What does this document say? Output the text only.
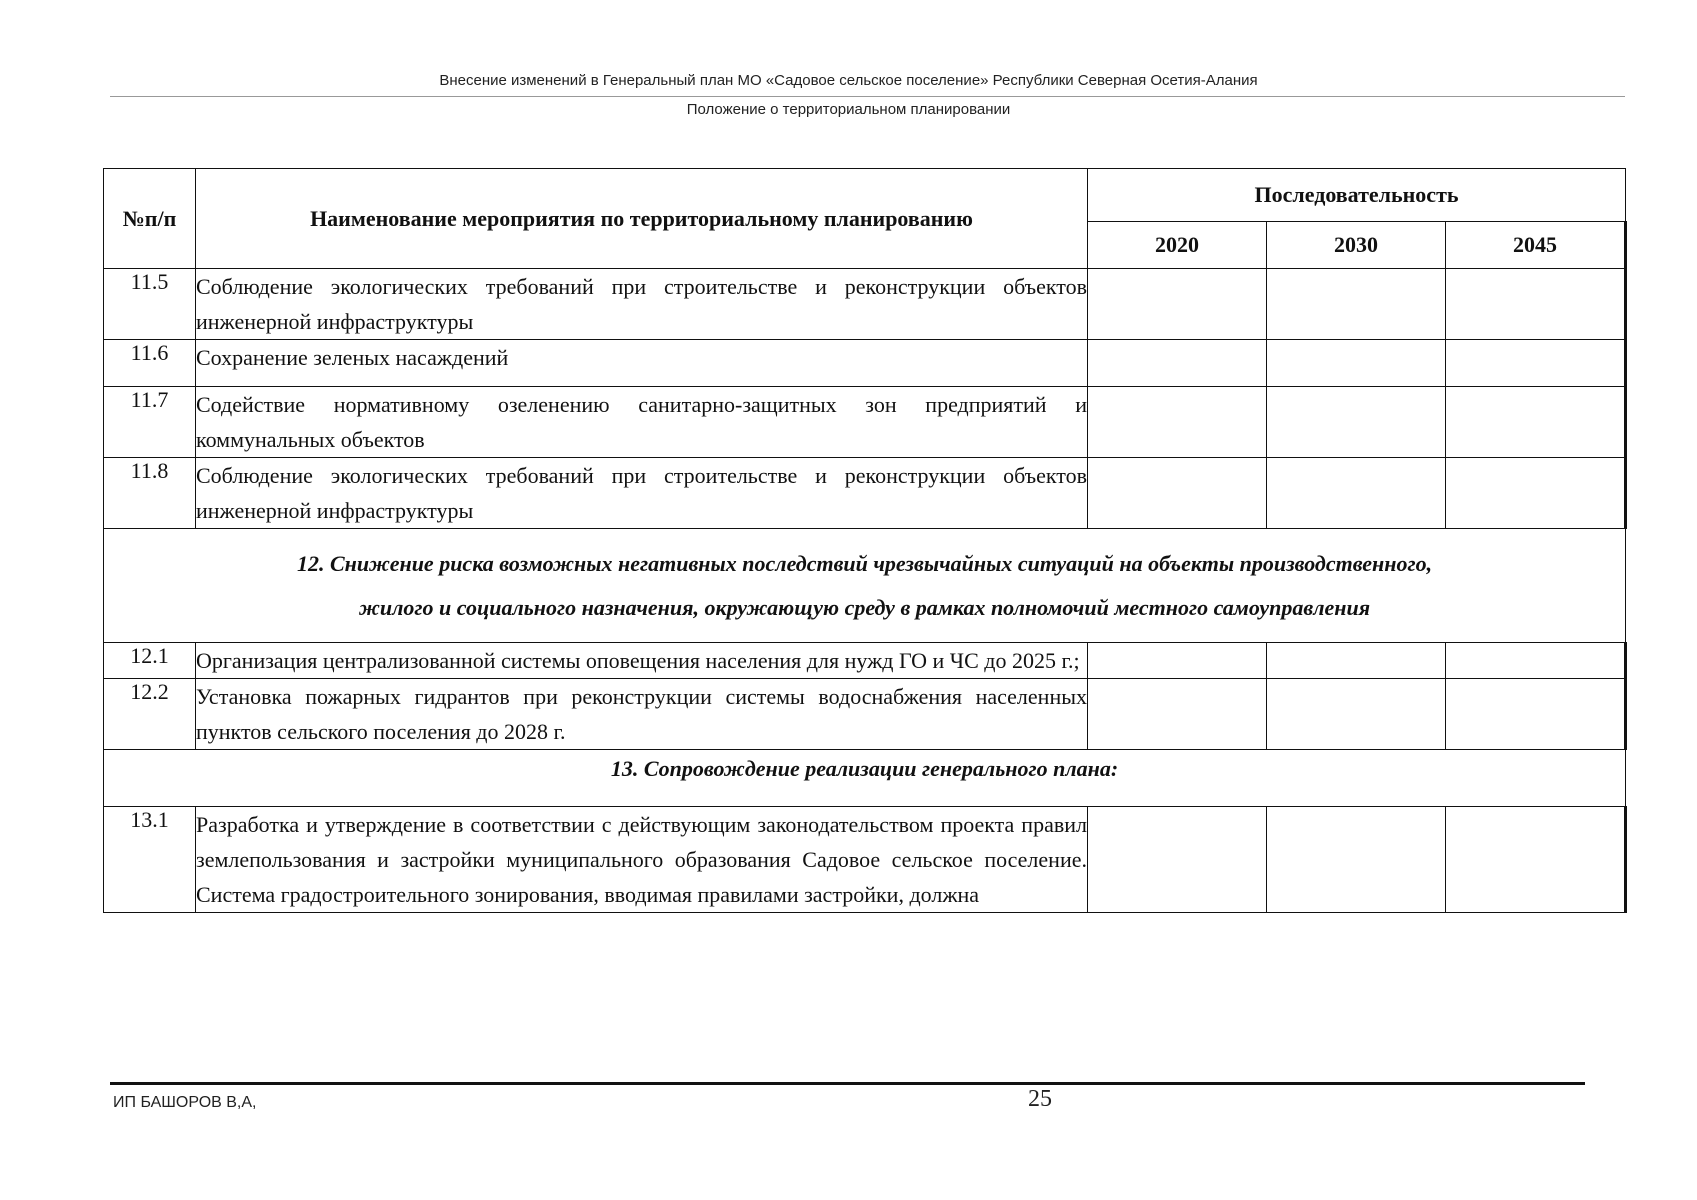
Внесение изменений в Генеральный план МО «Садовое сельское поселение» Республики Северная Осетия-Алания
Положение о территориальном планировании
№п/п	Наименование мероприятия по территориальному планированию	Последовательность		
		2020	2030	2045
11.5	Соблюдение экологических требований при строительстве и реконструкции объектов инженерной инфраструктуры			
11.6	Сохранение зеленых насаждений			
11.7	Содействие нормативному озеленению санитарно-защитных зон предприятий и коммунальных объектов			
11.8	Соблюдение экологических требований при строительстве и реконструкции объектов инженерной инфраструктуры			

12. Снижение риска возможных негативных последствий чрезвычайных ситуаций на объекты производственного,
жилого и социального назначения, окружающую среду в рамках полномочий местного самоуправления				

12.1	Организация централизованной системы оповещения населения для нужд ГО и ЧС до 2025 г.;			
12.2	Установка пожарных гидрантов при реконструкции системы водоснабжения населенных пунктов сельского поселения до 2028 г.			
13. Сопровождение реализации генерального плана:				
13.1	Разработка и утверждение в соответствии с действующим законодательством проекта правил землепользования и застройки муниципального образования Садовое сельское поселение. Система градостроительного зонирования, вводимая правилами застройки, должна			
ИП БАШОРОВ В,А,	25
